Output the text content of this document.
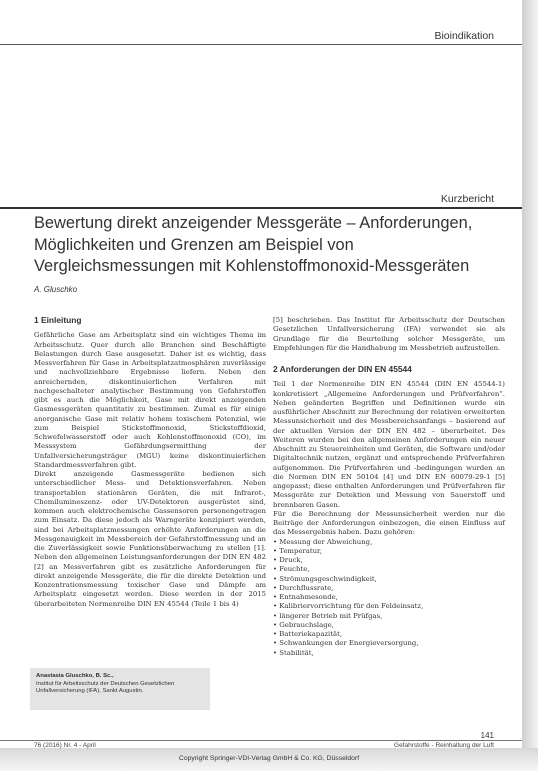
Bioindikation
Kurzbericht
Bewertung direkt anzeigender Messgeräte – Anforderungen, Möglichkeiten und Grenzen am Beispiel von Vergleichsmessungen mit Kohlenstoffmonoxid-Messgeräten
A. Gluschko

1 Einleitung

Gefährliche Gase am Arbeitsplatz sind ein wichtiges Thema im Arbeitsschutz. Quer durch alle Branchen sind Beschäftigte Belastungen durch Gase ausgesetzt. Daher ist es wichtig, dass Messverfahren für Gase in Arbeitsplatzatmosphären zuverlässige und nachvollziehbare Ergebnisse liefern. Neben den anreichernden, diskontinuierlichen Verfahren mit nachgeschalteter analytischer Bestimmung von Gefahrstoffen gibt es auch die Möglichkeit, Gase mit direkt anzeigenden Gasmessgeräten quantitativ zu bestimmen. Zumal es für einige anorganische Gase mit relativ hohem toxischem Potenzial, wie zum Beispiel Stickstoffmonoxid, Stickstoffdioxid, Schwefelwasserstoff oder auch Kohlenstoffmonoxid (CO), im Messsystem Gefährdungsermittlung der Unfallversicherungsträger (MGU) keine diskontinuierlichen Standardmessverfahren gibt.

Direkt anzeigende Gasmessgeräte bedienen sich unterschiedlicher Mess- und Detektionsverfahren. Neben transportablen stationären Geräten, die mit Infrarot-, Chemilumineszenz- oder UV-Detektoren ausgerüstet sind, kommen auch elektrochemische Gassensoren personengetragen zum Einsatz. Da diese jedoch als Warngeräte konzipiert werden, sind bei Arbeitsplatzmessungen erhöhte Anforderungen an die Messgenauigkeit im Messbereich der Gefahrstoffmessung und an die Zuverlässigkeit sowie Funktionsüberwachung zu stellen [1]. Neben den allgemeinen Leistungsanforderungen der DIN EN 482 [2] an Messverfahren gibt es zusätzliche Anforderungen für direkt anzeigende Messgeräte, die für die direkte Detektion und Konzentrationsmessung toxischer Gase und Dämpfe am Arbeitsplatz eingesetzt werden. Diese werden in der 2015 überarbeiteten Normenreihe DIN EN 45544 (Teile 1 bis 4)

Anastasia Gluschko, B. Sc.,
Institut für Arbeitsschutz der Deutschen Gesetzlichen
Unfallversicherung (IFA), Sankt Augustin.

[5] beschrieben. Das Institut für Arbeitsschutz der Deutschen Gesetzlichen Unfallversicherung (IFA) verwendet sie als Grundlage für die Beurteilung solcher Messgeräte, um Empfehlungen für die Handhabung im Messbetrieb aufzustellen.

2 Anforderungen der DIN EN 45544

Teil 1 der Normenreihe DIN EN 45544 (DIN EN 45544-1) konkretisiert „Allgemeine Anforderungen und Prüfverfahren“. Neben geänderten Begriffen und Definitionen wurde ein ausführlicher Abschnitt zur Berechnung der relativen erweiterten Messunsicherheit und des Messbereichsanfangs – basierend auf der aktuellen Version der DIN EN 482 – überarbeitet. Des Weiteren wurden bei den allgemeinen Anforderungen ein neuer Abschnitt zu Steuereinheiten und Geräten, die Software und/oder Digitaltechnik nutzen, ergänzt und entsprechende Prüfverfahren aufgenommen. Die Prüfverfahren und -bedingungen wurden an die Normen DIN EN 50104 [4] und DIN EN 60079-29-1 [5] angepasst; diese enthalten Anforderungen und Prüfverfahren für Messgeräte zur Detektion und Messung von Sauerstoff und brennbaren Gasen.

Für die Berechnung der Messunsicherheit werden nur die Beiträge der Anforderungen einbezogen, die einen Einfluss auf das Messergebnis haben. Dazu gehören:

• Messung der Abweichung,
• Temperatur,
• Druck,
• Feuchte,
• Strömungsgeschwindigkeit,
• Durchflussrate,
• Entnahmesonde,
• Kalibriervorrichtung für den Feldeinsatz,
• längerer Betrieb mit Prüfgas,
• Gebrauchslage,
• Batteriekapazität,
• Schwankungen der Energieversorgung,
• Stabilität,
141
76 (2016) Nr. 4 - April	Gefahrstoffe - Reinhaltung der Luft
Copyright Springer-VDI-Verlag GmbH & Co. KG, Düsseldorf
